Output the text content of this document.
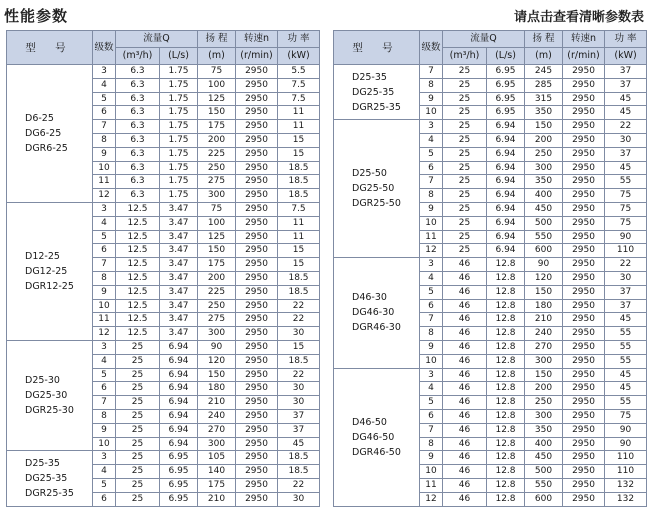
性能参数	请点击查看清晰参数表
型 号	级数	流量Q		扬 程	转速n	功 率
		(m³/h)	(L/s)	(m)	(r/min)	(kW)

D6-25
DG6-25
DGR6-25	3	6.3	1.75	75	2950	5.5
	4	6.3	1.75	100	2950	7.5
	5	6.3	1.75	125	2950	7.5
	6	6.3	1.75	150	2950	11
	7	6.3	1.75	175	2950	11
	8	6.3	1.75	200	2950	15
	9	6.3	1.75	225	2950	15
	10	6.3	1.75	250	2950	18.5
	11	6.3	1.75	275	2950	18.5
	12	6.3	1.75	300	2950	18.5

D12-25
DG12-25
DGR12-25	3	12.5	3.47	75	2950	7.5
	4	12.5	3.47	100	2950	11
	5	12.5	3.47	125	2950	11
	6	12.5	3.47	150	2950	15
	7	12.5	3.47	175	2950	15
	8	12.5	3.47	200	2950	18.5
	9	12.5	3.47	225	2950	18.5
	10	12.5	3.47	250	2950	22
	11	12.5	3.47	275	2950	22
	12	12.5	3.47	300	2950	30

D25-30
DG25-30
DGR25-30	3	25	6.94	90	2950	15
	4	25	6.94	120	2950	18.5
	5	25	6.94	150	2950	22
	6	25	6.94	180	2950	30
	7	25	6.94	210	2950	30
	8	25	6.94	240	2950	37
	9	25	6.94	270	2950	37
	10	25	6.94	300	2950	45

D25-35
DG25-35
DGR25-35	3	25	6.95	105	2950	18.5
	4	25	6.95	140	2950	18.5
	5	25	6.95	175	2950	22
	6	25	6.95	210	2950	30
型 号	级数	流量Q		扬 程	转速n	功 率
		(m³/h)	(L/s)	(m)	(r/min)	(kW)

D25-35
DG25-35
DGR25-35	7	25	6.95	245	2950	37
	8	25	6.95	285	2950	37
	9	25	6.95	315	2950	45
	10	25	6.95	350	2950	45

D25-50
DG25-50
DGR25-50	3	25	6.94	150	2950	22
	4	25	6.94	200	2950	30
	5	25	6.94	250	2950	37
	6	25	6.94	300	2950	45
	7	25	6.94	350	2950	55
	8	25	6.94	400	2950	75
	9	25	6.94	450	2950	75
	10	25	6.94	500	2950	75
	11	25	6.94	550	2950	90
	12	25	6.94	600	2950	110

D46-30
DG46-30
DGR46-30	3	46	12.8	90	2950	22
	4	46	12.8	120	2950	30
	5	46	12.8	150	2950	37
	6	46	12.8	180	2950	37
	7	46	12.8	210	2950	45
	8	46	12.8	240	2950	55
	9	46	12.8	270	2950	55
	10	46	12.8	300	2950	55

D46-50
DG46-50
DGR46-50	3	46	12.8	150	2950	45
	4	46	12.8	200	2950	45
	5	46	12.8	250	2950	55
	6	46	12.8	300	2950	75
	7	46	12.8	350	2950	90
	8	46	12.8	400	2950	90
	9	46	12.8	450	2950	110
	10	46	12.8	500	2950	110
	11	46	12.8	550	2950	132
	12	46	12.8	600	2950	132
